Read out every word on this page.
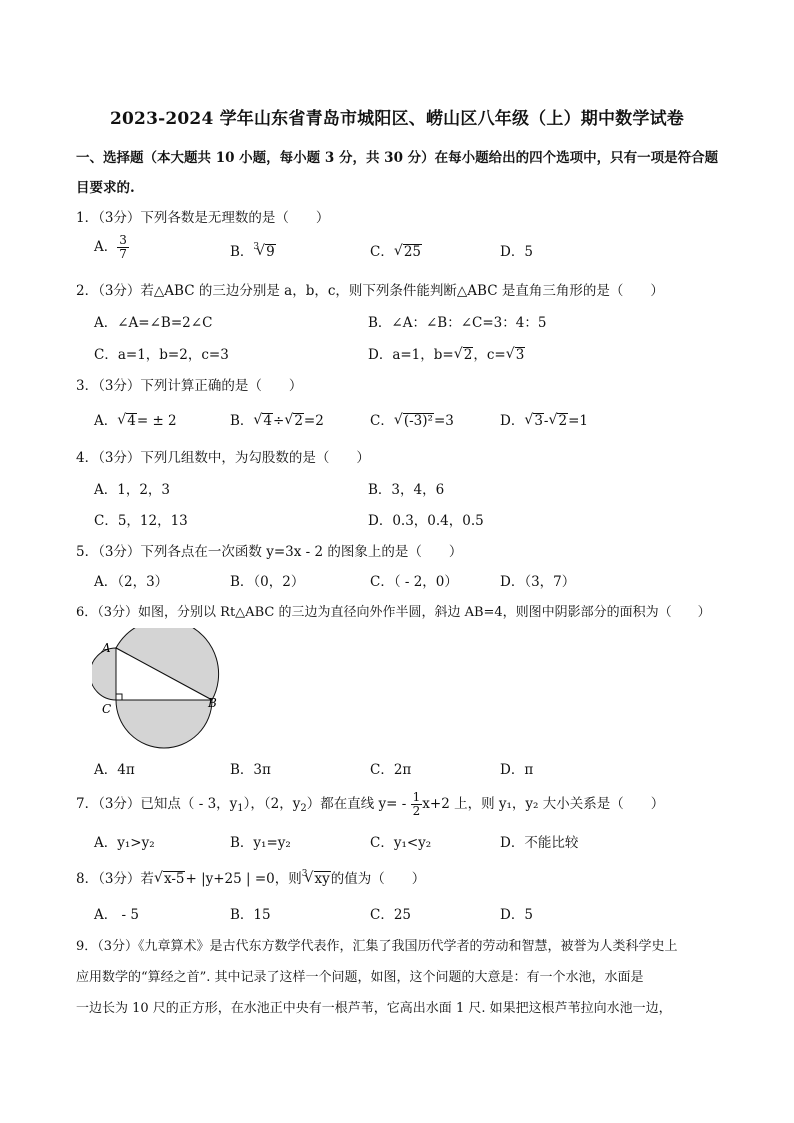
2023-2024 学年山东省青岛市城阳区、崂山区八年级（上）期中数学试卷
一、选择题（本大题共 10 小题，每小题 3 分，共 30 分）在每小题给出的四个选项中，只有一项是符合题
目要求的.
1．（3分）下列各数是无理数的是（　　）
A． $\frac{3}{7}$	B．$^3$ √ 9	C． √ 25	D．5
2．（3分）若△ABC 的三边分别是 a，b，c，则下列条件能判断△ABC 是直角三角形的是（　　）
A．∠A=∠B=2∠C	B．∠A：∠B：∠C=3：4：5
C．a=1，b=2，c=3	D．a=1，b= √ 2，c= √ 3
3．（3分）下列计算正确的是（　　）
A． √ 4= ± 2	B． √ 4÷ √ 2=2	C． √ (-3)²=3	D． √ 3- √ 2=1
4．（3分）下列几组数中，为勾股数的是（　　）
A．1，2，3	B．3，4，6
C．5，12，13	D．0.3，0.4，0.5
5．（3分）下列各点在一次函数 y=3x - 2 的图象上的是（　　）
A．（2，3）	B．（0，2）	C．（ - 2，0）	D．（3，7）
6．（3分）如图，分别以 Rt△ABC 的三边为直径向外作半圆，斜边 AB=4，则图中阴影部分的面积为（　　）
A
C	B
A．4π	B．3π	C．2π	D．π
7．（3分）已知点（ - 3，$y_1$），（2，$y_2$）都在直线 $y= - \frac{1}{2} x+2$ 上，则 y₁，y₂ 大小关系是（　　）
A．y₁>y₂	B．y₁=y₂	C．y₁<y₂	D．不能比较
8．（3分）若 √ x-5+ |y+25 | =0，则$^3$ √ xy的值为（　　）
A． - 5	B．15	C．25	D．5
9．（3分）《九章算术》是古代东方数学代表作，汇集了我国历代学者的劳动和智慧，被誉为人类科学史上
应用数学的“算经之首”. 其中记录了这样一个问题，如图，这个问题的大意是：有一个水池，水面是
一边长为 10 尺的正方形，在水池正中央有一根芦苇，它高出水面 1 尺. 如果把这根芦苇拉向水池一边，
